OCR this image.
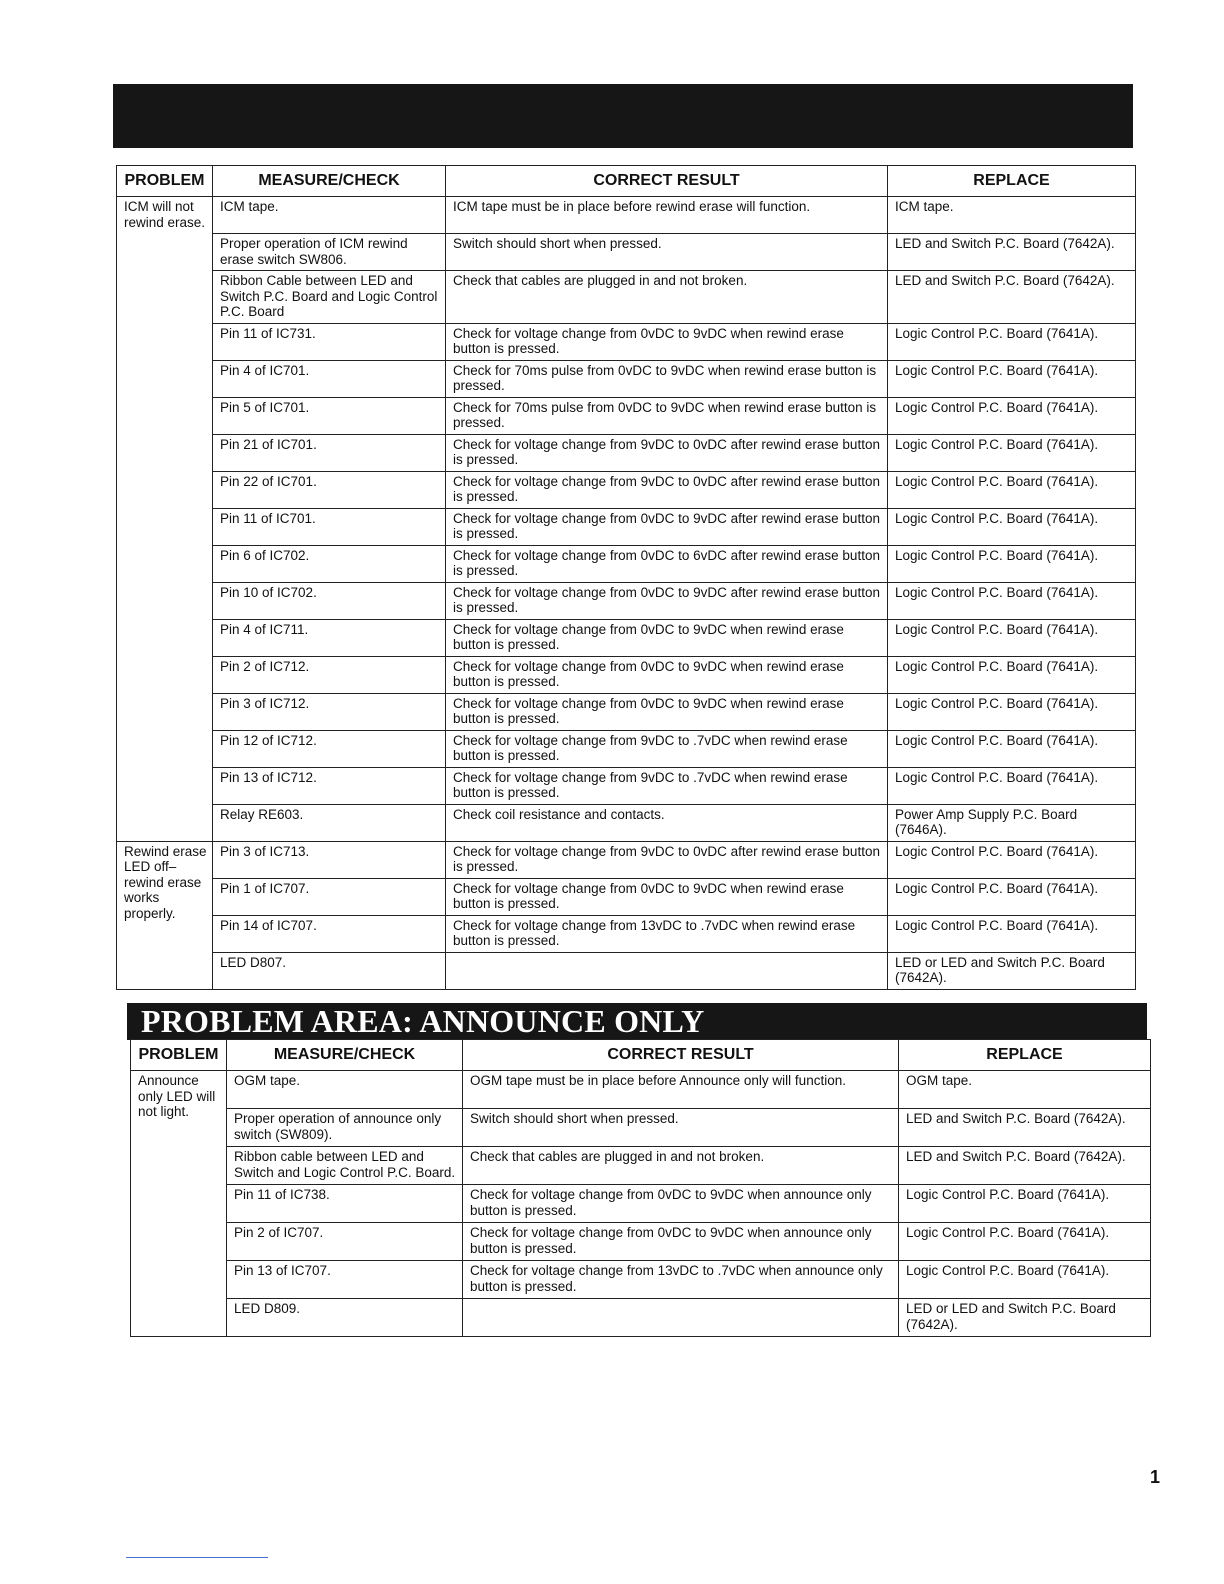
PROBLEM	MEASURE/CHECK	CORRECT RESULT	REPLACE
ICM will not rewind erase.	ICM tape.	ICM tape must be in place before rewind erase will function.	ICM tape.
	Proper operation of ICM rewind erase switch SW806.	Switch should short when pressed.	LED and Switch P.C. Board (7642A).
	Ribbon Cable between LED and Switch P.C. Board and Logic Control P.C. Board	Check that cables are plugged in and not broken.	LED and Switch P.C. Board (7642A).
	Pin 11 of IC731.	Check for voltage change from 0vDC to 9vDC when rewind erase button is pressed.	Logic Control P.C. Board (7641A).
	Pin 4 of IC701.	Check for 70ms pulse from 0vDC to 9vDC when rewind erase button is pressed.	Logic Control P.C. Board (7641A).
	Pin 5 of IC701.	Check for 70ms pulse from 0vDC to 9vDC when rewind erase button is pressed.	Logic Control P.C. Board (7641A).
	Pin 21 of IC701.	Check for voltage change from 9vDC to 0vDC after rewind erase button is pressed.	Logic Control P.C. Board (7641A).
	Pin 22 of IC701.	Check for voltage change from 9vDC to 0vDC after rewind erase button is pressed.	Logic Control P.C. Board (7641A).
	Pin 11 of IC701.	Check for voltage change from 0vDC to 9vDC after rewind erase button is pressed.	Logic Control P.C. Board (7641A).
	Pin 6 of IC702.	Check for voltage change from 0vDC to 6vDC after rewind erase button is pressed.	Logic Control P.C. Board (7641A).
	Pin 10 of IC702.	Check for voltage change from 0vDC to 9vDC after rewind erase button is pressed.	Logic Control P.C. Board (7641A).
	Pin 4 of IC711.	Check for voltage change from 0vDC to 9vDC when rewind erase button is pressed.	Logic Control P.C. Board (7641A).
	Pin 2 of IC712.	Check for voltage change from 0vDC to 9vDC when rewind erase button is pressed.	Logic Control P.C. Board (7641A).
	Pin 3 of IC712.	Check for voltage change from 0vDC to 9vDC when rewind erase button is pressed.	Logic Control P.C. Board (7641A).
	Pin 12 of IC712.	Check for voltage change from 9vDC to .7vDC when rewind erase button is pressed.	Logic Control P.C. Board (7641A).
	Pin 13 of IC712.	Check for voltage change from 9vDC to .7vDC when rewind erase button is pressed.	Logic Control P.C. Board (7641A).
	Relay RE603.	Check coil resistance and contacts.	Power Amp Supply P.C. Board (7646A).
Rewind erase LED off– rewind erase works properly.	Pin 3 of IC713.	Check for voltage change from 9vDC to 0vDC after rewind erase button is pressed.	Logic Control P.C. Board (7641A).
	Pin 1 of IC707.	Check for voltage change from 0vDC to 9vDC when rewind erase button is pressed.	Logic Control P.C. Board (7641A).
	Pin 14 of IC707.	Check for voltage change from 13vDC to .7vDC when rewind erase button is pressed.	Logic Control P.C. Board (7641A).
	LED D807.		LED or LED and Switch P.C. Board (7642A).
PROBLEM AREA: ANNOUNCE ONLY
PROBLEM	MEASURE/CHECK	CORRECT RESULT	REPLACE
Announce only LED will not light.	OGM tape.	OGM tape must be in place before Announce only will function.	OGM tape.
	Proper operation of announce only switch (SW809).	Switch should short when pressed.	LED and Switch P.C. Board (7642A).
	Ribbon cable between LED and Switch and Logic Control P.C. Board.	Check that cables are plugged in and not broken.	LED and Switch P.C. Board (7642A).
	Pin 11 of IC738.	Check for voltage change from 0vDC to 9vDC when announce only button is pressed.	Logic Control P.C. Board (7641A).
	Pin 2 of IC707.	Check for voltage change from 0vDC to 9vDC when announce only button is pressed.	Logic Control P.C. Board (7641A).
	Pin 13 of IC707.	Check for voltage change from 13vDC to .7vDC when announce only button is pressed.	Logic Control P.C. Board (7641A).
	LED D809.		LED or LED and Switch P.C. Board (7642A).
1
